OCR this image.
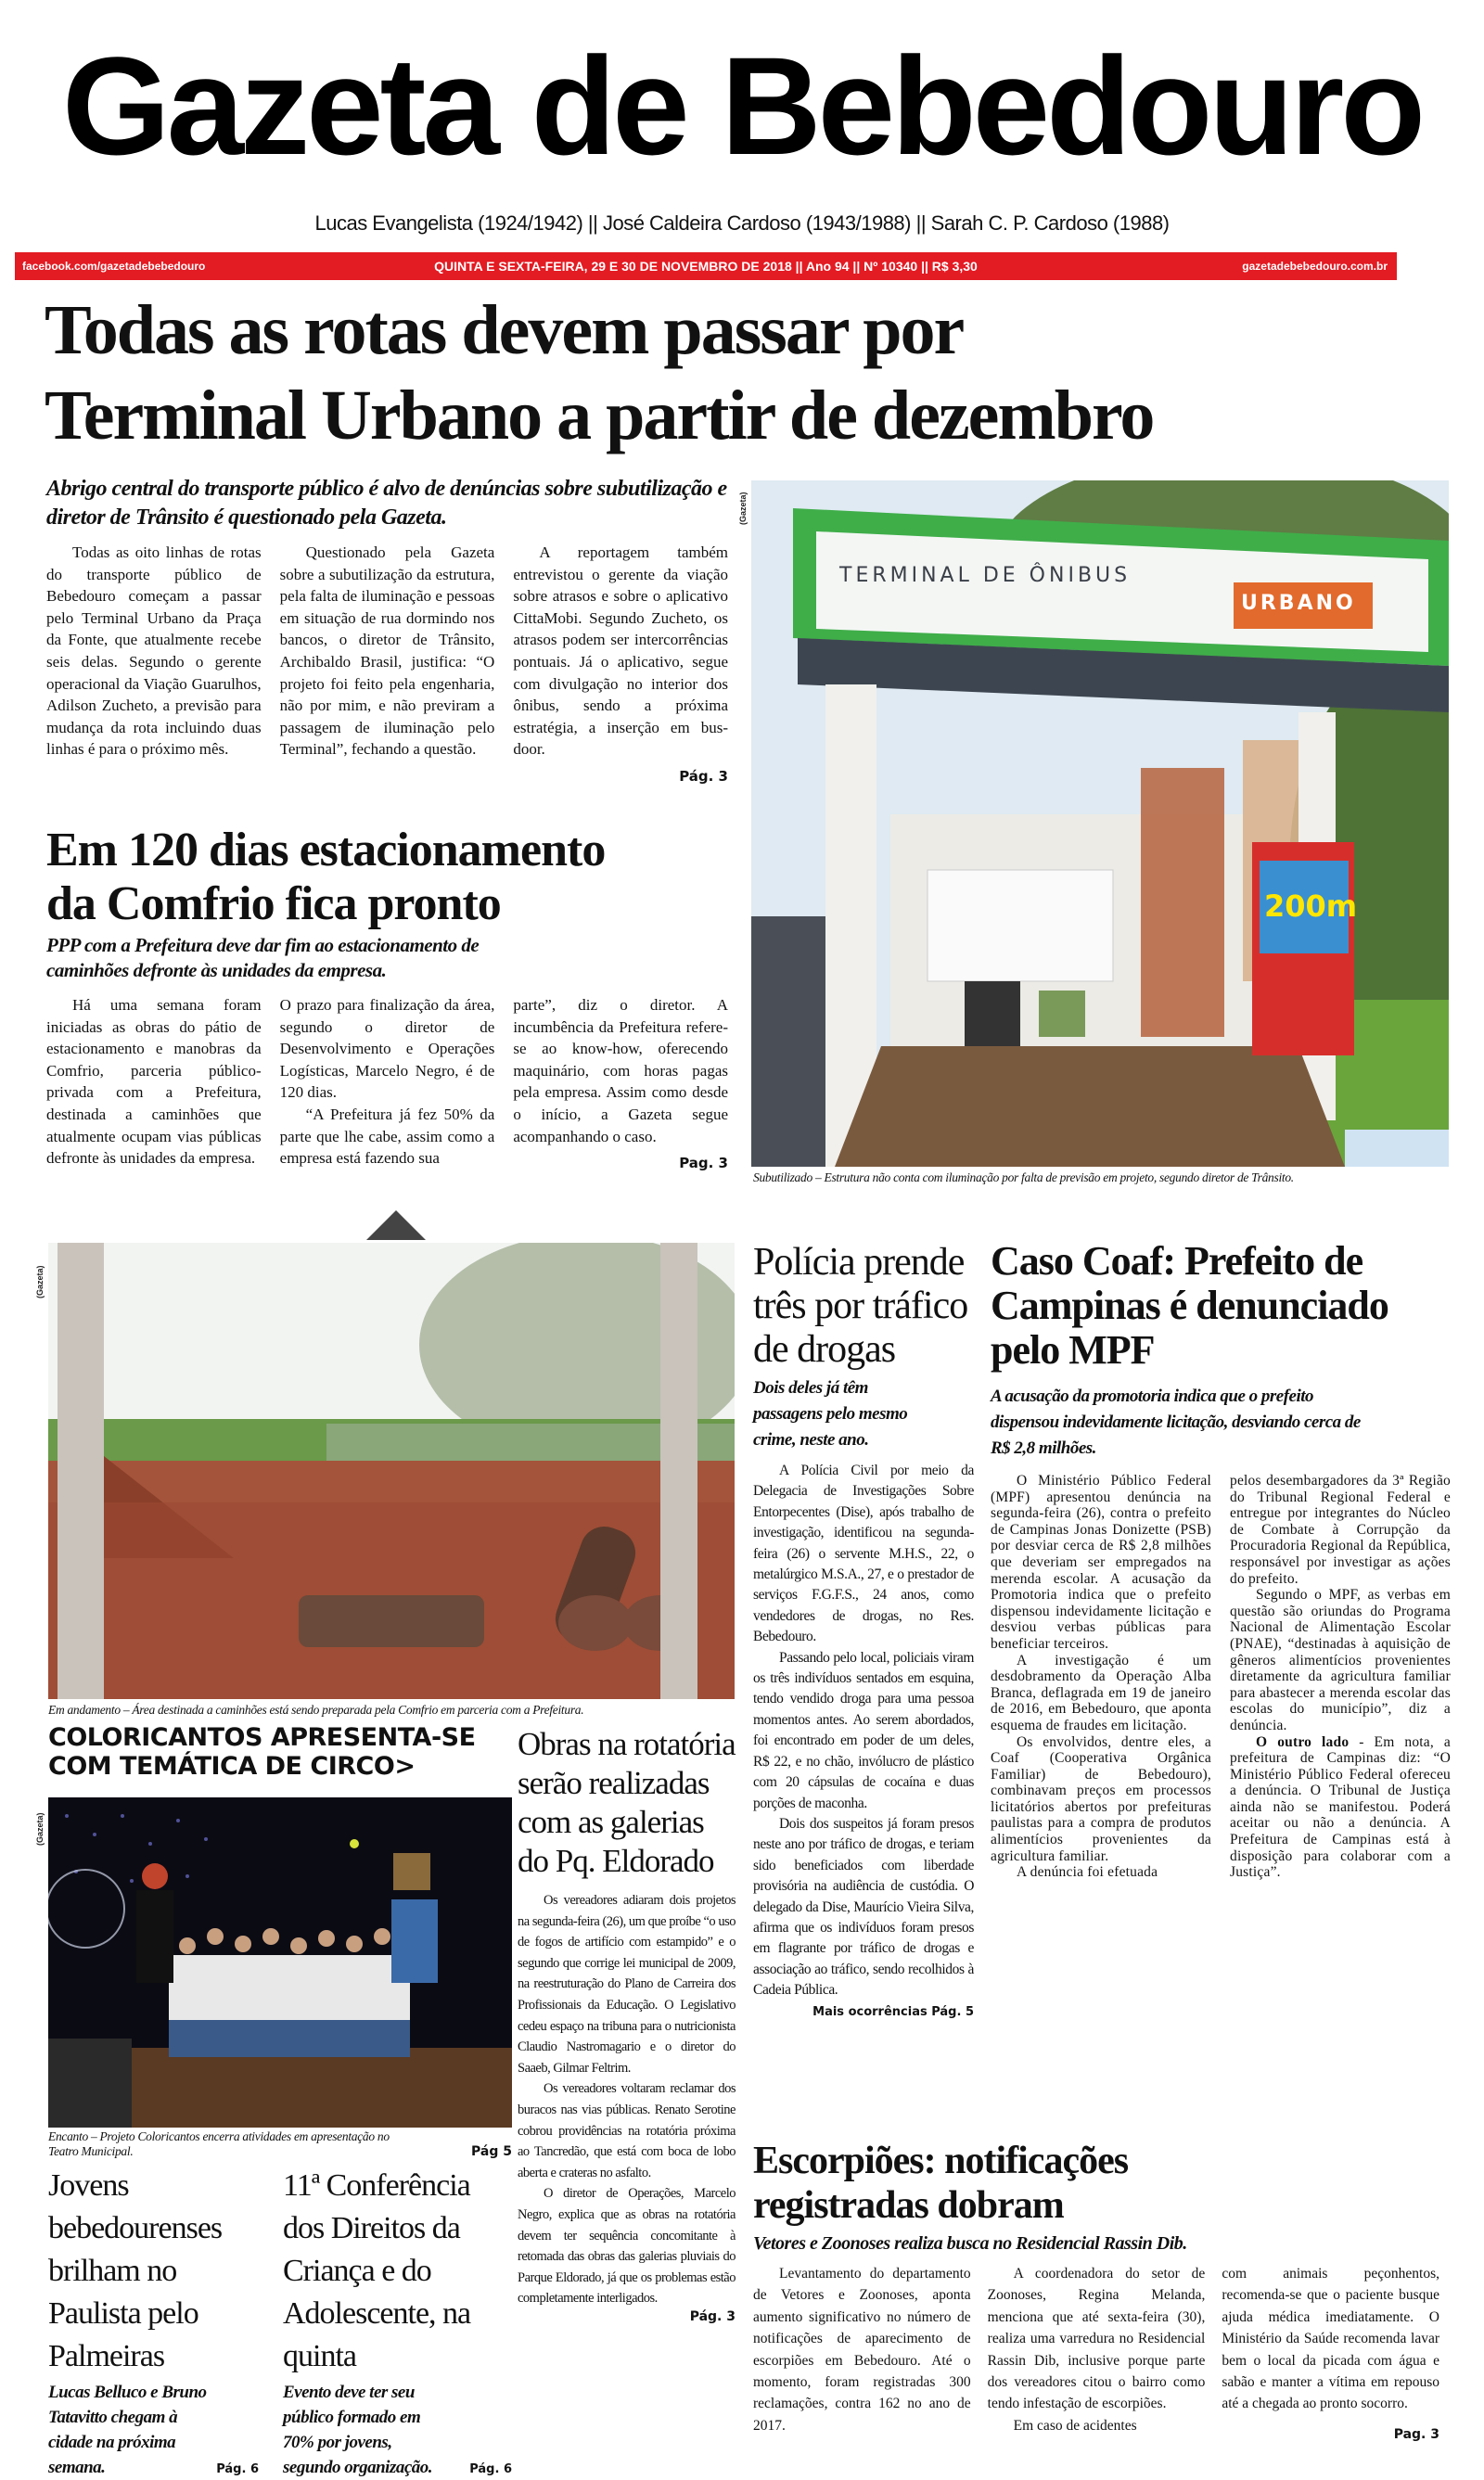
Gazeta de Bebedouro
Lucas Evangelista (1924/1942) || José Caldeira Cardoso (1943/1988) || Sarah C. P. Cardoso (1988)
facebook.com/gazetadebebedouro	QUINTA E SEXTA-FEIRA, 29 E 30 DE NOVEMBRO DE 2018 || Ano 94 || Nº 10340 || R$ 3,30	gazetadebebedouro.com.br
Todas as rotas devem passar por
Terminal Urbano a partir de dezembro
Abrigo central do transporte público é alvo de denúncias sobre subutilização e diretor de Trânsito é questionado pela Gazeta.

Todas as oito linhas de rotas do transporte público de Bebedouro começam a passar pelo Terminal Urbano da Praça da Fonte, que atualmente recebe seis delas. Segundo o gerente operacional da Viação Guarulhos, Adilson Zucheto, a previsão para mudança da rota incluindo duas linhas é para o próximo mês.

Questionado pela Gazeta sobre a subutilização da estrutura, pela falta de iluminação e pessoas em situação de rua dormindo nos bancos, o diretor de Trânsito, Archibaldo Brasil, justifica: “O projeto foi feito pela engenharia, não por mim, e não previram a passagem de iluminação pelo Terminal”, fechando a questão.

A reportagem também entrevistou o gerente da viação sobre atrasos e sobre o aplicativo CittaMobi. Segundo Zucheto, os atrasos podem ser intercorrências pontuais. Já o aplicativo, segue com divulgação no interior dos ônibus, sendo a próxima estratégia, a inserção em bus-door.

Pág. 3
(Gazeta)
TERMINAL DE ÔNIBUS
URBANO
200m
Subutilizado – Estrutura não conta com iluminação por falta de previsão em projeto, segundo diretor de Trânsito.
Em 120 dias estacionamento
da Comfrio fica pronto
PPP com a Prefeitura deve dar fim ao estacionamento de caminhões defronte às unidades da empresa.

Há uma semana foram iniciadas as obras do pátio de estacionamento e manobras da Comfrio, parceria público-privada com a Prefeitura, destinada a caminhões que atualmente ocupam vias públicas defronte às unidades da empresa.

O prazo para finalização da área, segundo o diretor de Desenvolvimento e Operações Logísticas, Marcelo Negro, é de 120 dias.

“A Prefeitura já fez 50% da parte que lhe cabe, assim como a empresa está fazendo sua

parte”, diz o diretor. A incumbência da Prefeitura refere-se ao know-how, oferecendo maquinário, com horas pagas pela empresa. Assim como desde o início, a Gazeta segue acompanhando o caso.

Pag. 3
(Gazeta)
Em andamento – Área destinada a caminhões está sendo preparada pela Comfrio em parceria com a Prefeitura.
Polícia prende três por tráfico de drogas
Dois deles já têm passagens pelo mesmo crime, neste ano.

A Polícia Civil por meio da Delegacia de Investigações Sobre Entorpecentes (Dise), após trabalho de investigação, identificou na segunda-feira (26) o servente M.H.S., 22, o metalúrgico M.S.A., 27, e o prestador de serviços F.G.F.S., 24 anos, como vendedores de drogas, no Res. Bebedouro.

Passando pelo local, policiais viram os três indivíduos sentados em esquina, tendo vendido droga para uma pessoa momentos antes. Ao serem abordados, foi encontrado em poder de um deles, R$ 22, e no chão, invólucro de plástico com 20 cápsulas de cocaína e duas porções de maconha.

Dois dos suspeitos já foram presos neste ano por tráfico de drogas, e teriam sido beneficiados com liberdade provisória na audiência de custódia. O delegado da Dise, Maurício Vieira Silva, afirma que os indivíduos foram presos em flagrante por tráfico de drogas e associação ao tráfico, sendo recolhidos à Cadeia Pública.

Mais ocorrências Pág. 5
Caso Coaf: Prefeito de Campinas é denunciado pelo MPF
A acusação da promotoria indica que o prefeito dispensou indevidamente licitação, desviando cerca de R$ 2,8 milhões.

O Ministério Público Federal (MPF) apresentou denúncia na segunda-feira (26), contra o prefeito de Campinas Jonas Donizette (PSB) por desviar cerca de R$ 2,8 milhões que deveriam ser empregados na merenda escolar. A acusação da Promotoria indica que o prefeito dispensou indevidamente licitação e desviou verbas públicas para beneficiar terceiros.

A investigação é um desdobramento da Operação Alba Branca, deflagrada em 19 de janeiro de 2016, em Bebedouro, que aponta esquema de fraudes em licitação.

Os envolvidos, dentre eles, a Coaf (Cooperativa Orgânica Familiar) de Bebedouro), combinavam preços em processos licitatórios abertos por prefeituras paulistas para a compra de produtos alimentícios provenientes da agricultura familiar.

A denúncia foi efetuada

pelos desembargadores da 3ª Região do Tribunal Regional Federal e entregue por integrantes do Núcleo de Combate à Corrupção da Procuradoria Regional da República, responsável por investigar as ações do prefeito.

Segundo o MPF, as verbas em questão são oriundas do Programa Nacional de Alimentação Escolar (PNAE), “destinadas à aquisição de gêneros alimentícios provenientes diretamente da agricultura familiar para abastecer a merenda escolar das escolas do município”, diz a denúncia.

O outro lado - Em nota, a prefeitura de Campinas diz: “O Ministério Público Federal ofereceu a denúncia. O Tribunal de Justiça ainda não se manifestou. Poderá aceitar ou não a denúncia. A Prefeitura de Campinas está à disposição para colaborar com a Justiça”.

COLORICANTOS APRESENTA-SE COM TEMÁTICA DE CIRCO>
(Gazeta)
Encanto – Projeto Coloricantos encerra atividades em apresentação no Teatro Municipal.	Pág 5
Obras na rotatória serão realizadas com as galerias do Pq. Eldorado

Os vereadores adiaram dois projetos na segunda-feira (26), um que proíbe “o uso de fogos de artifício com estampido” e o segundo que corrige lei municipal de 2009, na reestruturação do Plano de Carreira dos Profissionais da Educação. O Legislativo cedeu espaço na tribuna para o nutricionista Claudio Nastromagario e o diretor do Saaeb, Gilmar Feltrim.

Os vereadores voltaram reclamar dos buracos nas vias públicas. Renato Serotine cobrou providências na rotatória próxima ao Tancredão, que está com boca de lobo aberta e crateras no asfalto.

O diretor de Operações, Marcelo Negro, explica que as obras na rotatória devem ter sequência concomitante à retomada das obras das galerias pluviais do Parque Eldorado, já que os problemas estão completamente interligados.

Pág. 3
Jovens bebedourenses brilham no Paulista pelo Palmeiras
Lucas Belluco e Bruno Tatavitto chegam à cidade na próxima semana.	Pág. 6
11ª Conferência dos Direitos da Criança e do Adolescente, na quinta
Evento deve ter seu público formado em 70% por jovens, segundo organização.	Pág. 6
Escorpiões: notificações
registradas dobram
Vetores e Zoonoses realiza busca no Residencial Rassin Dib.

Levantamento do departamento de Vetores e Zoonoses, aponta aumento significativo no número de notificações de aparecimento de escorpiões em Bebedouro. Até o momento, foram registradas 300 reclamações, contra 162 no ano de 2017.

A coordenadora do setor de Zoonoses, Regina Melanda, menciona que até sexta-feira (30), realiza uma varredura no Residencial Rassin Dib, inclusive porque parte dos vereadores citou o bairro como tendo infestação de escorpiões.

Em caso de acidentes

com animais peçonhentos, recomenda-se que o paciente busque ajuda médica imediatamente. O Ministério da Saúde recomenda lavar bem o local da picada com água e sabão e manter a vítima em repouso até a chegada ao pronto socorro.

Pag. 3
